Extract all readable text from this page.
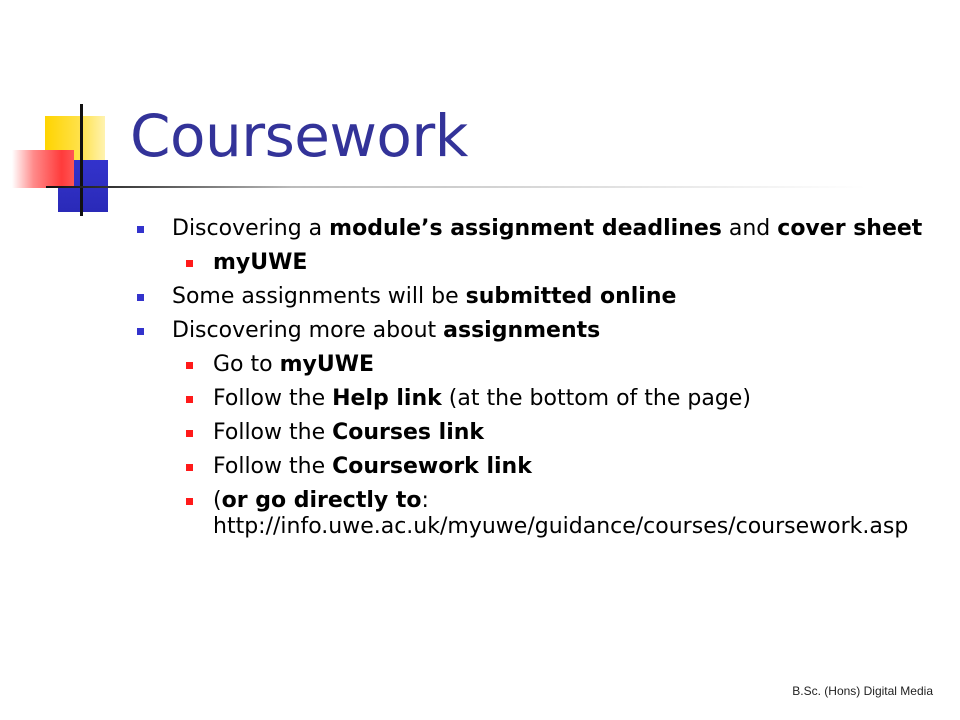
Coursework
Discovering a module’s assignment deadlines and cover sheet
myUWE
Some assignments will be submitted online
Discovering more about assignments
Go to myUWE
Follow the Help link (at the bottom of the page)
Follow the Courses link
Follow the Coursework link
(or go directly to: http://info.uwe.ac.uk/myuwe/guidance/courses/coursework.asp
B.Sc. (Hons) Digital Media
